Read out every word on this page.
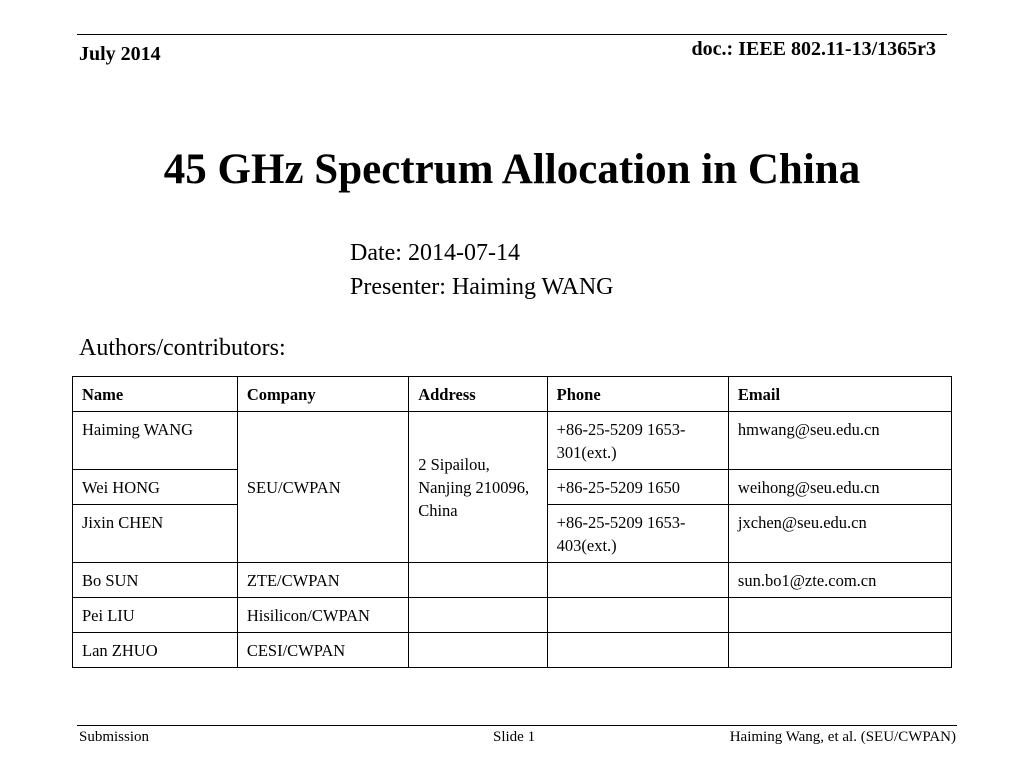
July 2014	doc.: IEEE 802.11-13/1365r3
45 GHz Spectrum Allocation in China
Date: 2014-07-14
Presenter: Haiming WANG
Authors/contributors:
Name	Company	Address	Phone	Email
Haiming WANG	SEU/CWPAN	2 Sipailou, Nanjing 210096, China	+86-25-5209 1653-301(ext.)	hmwang@seu.edu.cn
Wei HONG			+86-25-5209 1650	weihong@seu.edu.cn
Jixin CHEN			+86-25-5209 1653-403(ext.)	jxchen@seu.edu.cn
Bo SUN	ZTE/CWPAN			sun.bo1@zte.com.cn
Pei LIU	Hisilicon/CWPAN			
Lan ZHUO	CESI/CWPAN			
Submission	Slide 1	Haiming Wang, et al. (SEU/CWPAN)
